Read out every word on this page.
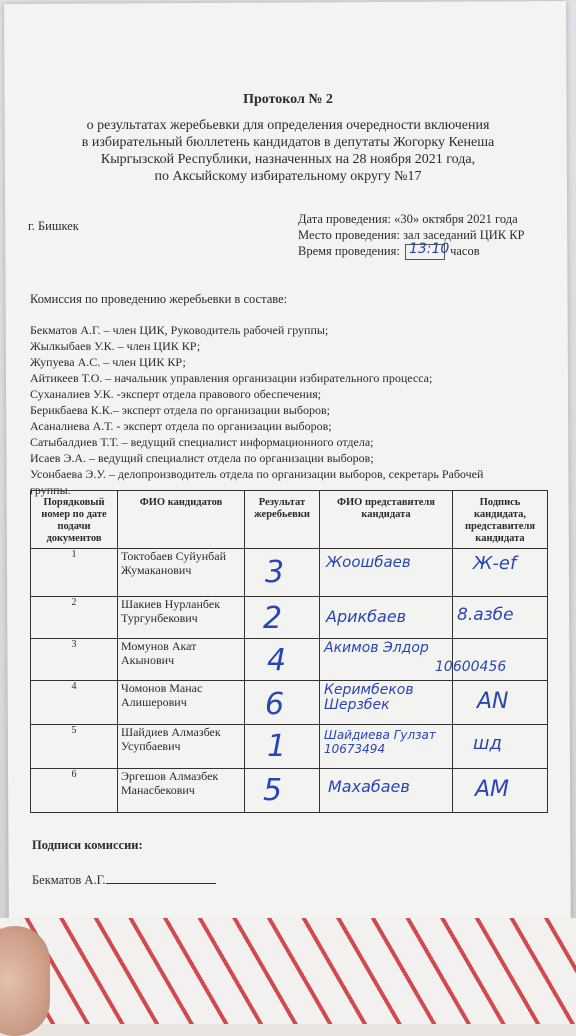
Протокол № 2
о результатах жеребьевки для определения очередности включения
в избирательный бюллетень кандидатов в депутаты Жогорку Кенеша
Кыргызской Республики, назначенных на 28 ноября 2021 года,
по Аксыйскому избирательному округу №17
г. Бишкек	Дата проведения: «30» октября 2021 года
Место проведения: зал заседаний ЦИК КР
Время проведения: 13:10 часов
Комиссия по проведению жеребьевки в составе:
Бекматов А.Г. – член ЦИК, Руководитель рабочей группы;
Жылкыбаев У.К. – член ЦИК КР;
Жупуева А.С. – член ЦИК КР;
Айтикеев Т.О. – начальник управления организации избирательного процесса;
Суханалиев У.К. -эксперт отдела правового обеспечения;
Берикбаева К.К.– эксперт отдела по организации выборов;
Асаналиева А.Т. - эксперт отдела по организации выборов;
Сатыбалдиев Т.Т. – ведущий специалист информационного отдела;
Исаев Э.А. – ведущий специалист отдела по организации выборов;
Усонбаева Э.У. – делопроизводитель отдела по организации выборов, секретарь Рабочей
группы.
Порядковый номер по дате подачи документов	ФИО кандидатов	Результат жеребьевки	ФИО представителя кандидата	Подпись кандидата, представителя кандидата
1	Токтобаев Суйунбай Жумаканович	3	Жоошбаев	Ж-ef

2	Шакиев Нурланбек Тургунбекович	2	Арикбаев	8.азбе

3	Момунов Акат Акынович	4	Акимов Элдор	10600456

4	Чомонов Манас Алишерович	6	Керимбеков Шерзбек	AN

5	Шайдиев Алмазбек Усупбаевич	1	Шайдиева Гулзат 10673494	шд

6	Эргешов Алмазбек Манасбекович	5	Махабаев	AM
Подписи комиссии:
Бекматов А.Г.
